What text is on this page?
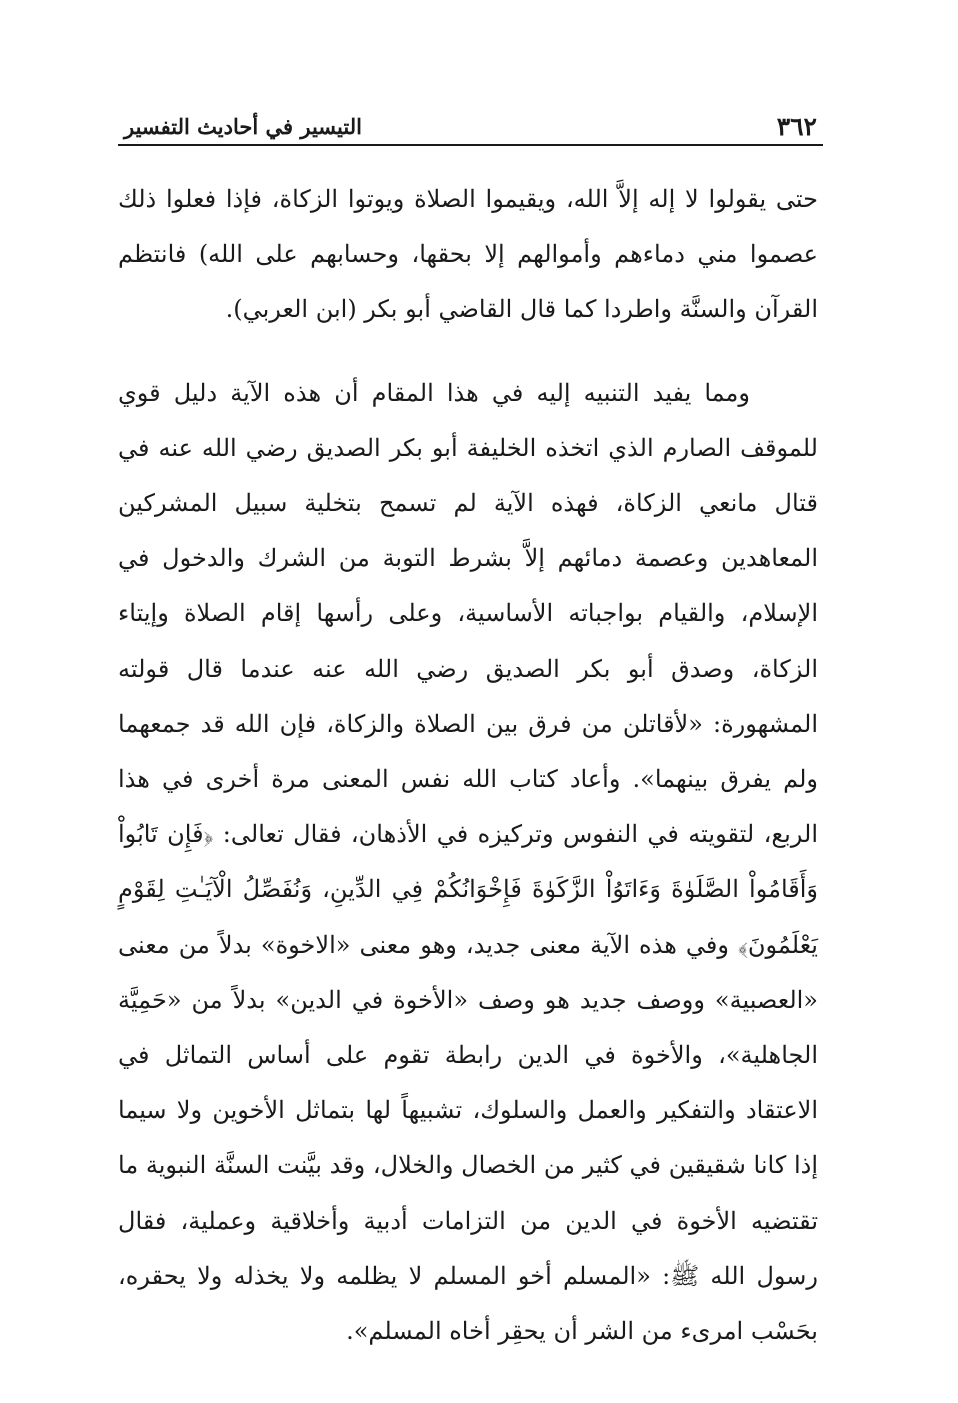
٣٦٢
التيسير في أحاديث التفسير

حتى يقولوا لا إله إلاَّ الله، ويقيموا الصلاة ويوتوا الزكاة، فإذا فعلوا ذلك عصموا مني دماءهم وأموالهم إلا بحقها، وحسابهم على الله) فانتظم القرآن والسنَّة واطردا كما قال القاضي أبو بكر (ابن العربي).

ومما يفيد التنبيه إليه في هذا المقام أن هذه الآية دليل قوي للموقف الصارم الذي اتخذه الخليفة أبو بكر الصديق رضي الله عنه في قتال مانعي الزكاة، فهذه الآية لم تسمح بتخلية سبيل المشركين المعاهدين وعصمة دمائهم إلاَّ بشرط التوبة من الشرك والدخول في الإسلام، والقيام بواجباته الأساسية، وعلى رأسها إقام الصلاة وإيتاء الزكاة، وصدق أبو بكر الصديق رضي الله عنه عندما قال قولته المشهورة: «لأقاتلن من فرق بين الصلاة والزكاة، فإن الله قد جمعهما ولم يفرق بينهما». وأعاد كتاب الله نفس المعنى مرة أخرى في هذا الربع، لتقويته في النفوس وتركيزه في الأذهان، فقال تعالى: ﴿فَإِن تَابُواْ وَأَقَامُواْ الصَّلَوٰةَ وَءَاتَوُاْ الزَّكَوٰةَ فَإِخْوَانُكُمْ فِي الدِّينِ، وَنُفَصِّلُ الْآيَـٰتِ لِقَوْمٍ يَعْلَمُونَ﴾ وفي هذه الآية معنى جديد، وهو معنى «الاخوة» بدلاً من معنى «العصبية» ووصف جديد هو وصف «الأخوة في الدين» بدلاً من «حَمِيَّة الجاهلية»، والأخوة في الدين رابطة تقوم على أساس التماثل في الاعتقاد والتفكير والعمل والسلوك، تشبيهاً لها بتماثل الأخوين ولا سيما إذا كانا شقيقين في كثير من الخصال والخلال، وقد بيَّنت السنَّة النبوية ما تقتضيه الأخوة في الدين من التزامات أدبية وأخلاقية وعملية، فقال رسول الله ﷺ: «المسلم أخو المسلم لا يظلمه ولا يخذله ولا يحقره، بحَسْب امرىء من الشر أن يحقِر أخاه المسلم».
